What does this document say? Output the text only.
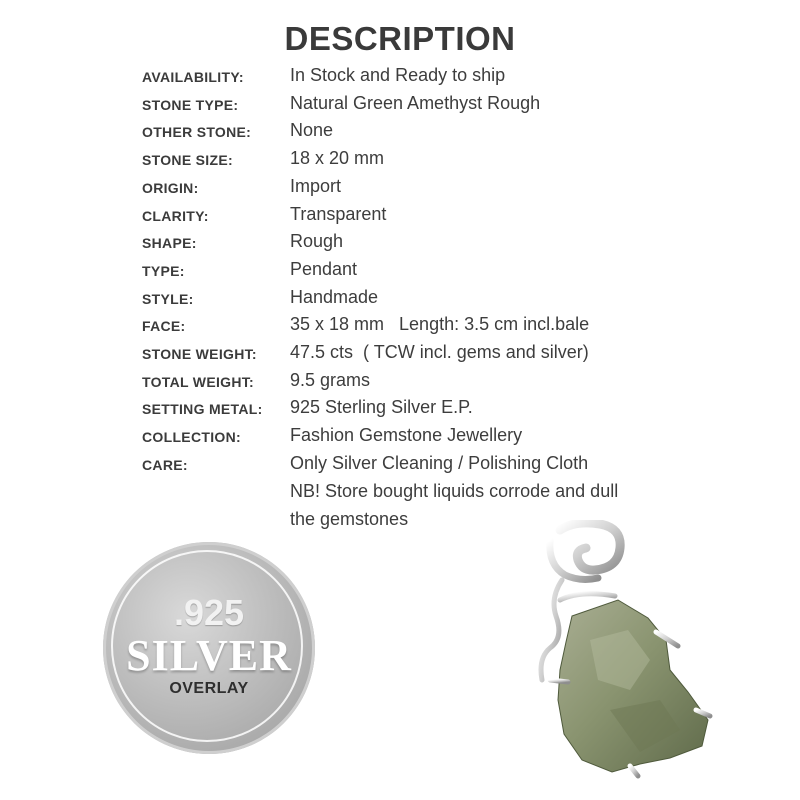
DESCRIPTION
AVAILABILITY:	In Stock and Ready to ship
STONE TYPE:	Natural Green Amethyst Rough
OTHER STONE: None
STONE SIZE:	18 x 20 mm
ORIGIN:	Import
CLARITY:	Transparent
SHAPE:	Rough
TYPE:	Pendant
STYLE:	Handmade
FACE:	35 x 18 mm   Length: 3.5 cm incl.bale
STONE WEIGHT: 47.5 cts  ( TCW incl. gems and silver)
TOTAL WEIGHT: 9.5 grams
SETTING METAL: 925 Sterling Silver E.P.
COLLECTION:	Fashion Gemstone Jewellery
CARE:	Only Silver Cleaning / Polishing Cloth
NB! Store bought liquids corrode and dull
the gemstones
.925
SILVER
OVERLAY
